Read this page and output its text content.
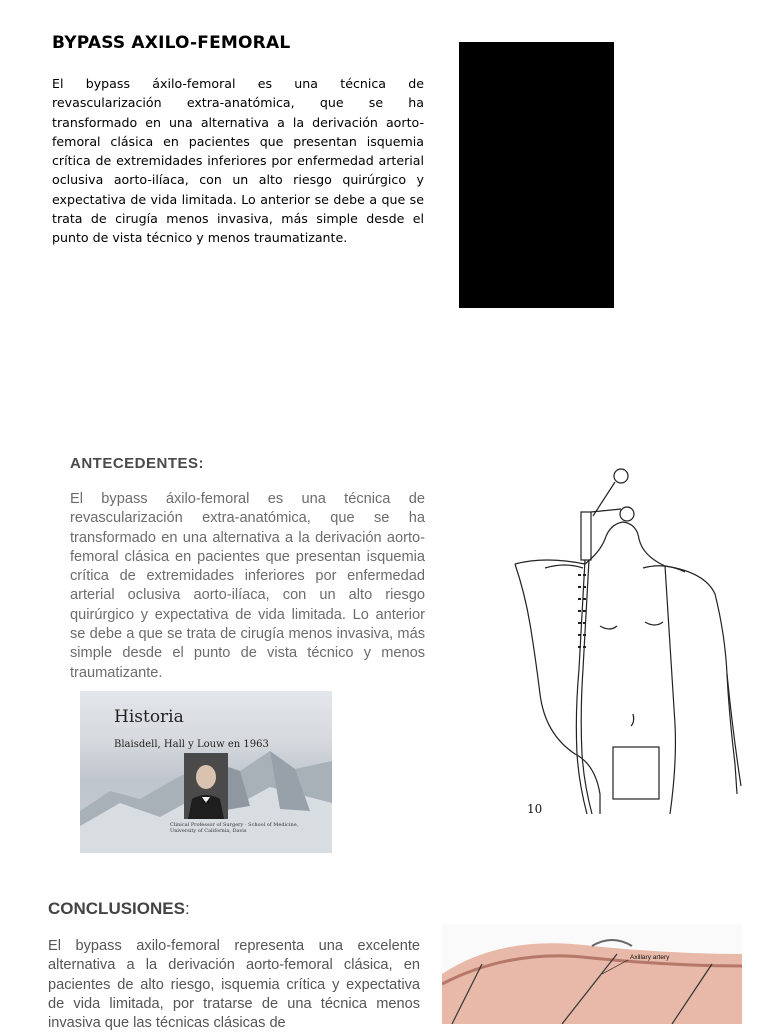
BYPASS AXILO-FEMORAL

El bypass áxilo-femoral es una técnica de revascularización extra-anatómica, que se ha transformado en una alternativa a la derivación aorto-femoral clásica en pacientes que presentan isquemia crítica de extremidades inferiores por enfermedad arterial oclusiva aorto-ilíaca, con un alto riesgo quirúrgico y expectativa de vida limitada. Lo anterior se debe a que se trata de cirugía menos invasiva, más simple desde el punto de vista técnico y menos traumatizante.

ANTECEDENTES:

El bypass áxilo-femoral es una técnica de revascularización extra-anatómica, que se ha transformado en una alternativa a la derivación aorto-femoral clásica en pacientes que presentan isquemia crítica de extremidades inferiores por enfermedad arterial oclusiva aorto-ilíaca, con un alto riesgo quirúrgico y expectativa de vida limitada. Lo anterior se debe a que se trata de cirugía menos invasiva, más simple desde el punto de vista técnico y menos traumatizante.

Historia
Blaisdell, Hall y Louw en 1963
Clinical Professor of Surgery · School of Medicine, University of California, Davis
10
CONCLUSIONES:

El bypass axilo-femoral representa una excelente alternativa a la derivación aorto-femoral clásica, en pacientes de alto riesgo, isquemia crítica y expectativa de vida limitada, por tratarse de una técnica menos invasiva que las técnicas clásicas de

Axillary artery
